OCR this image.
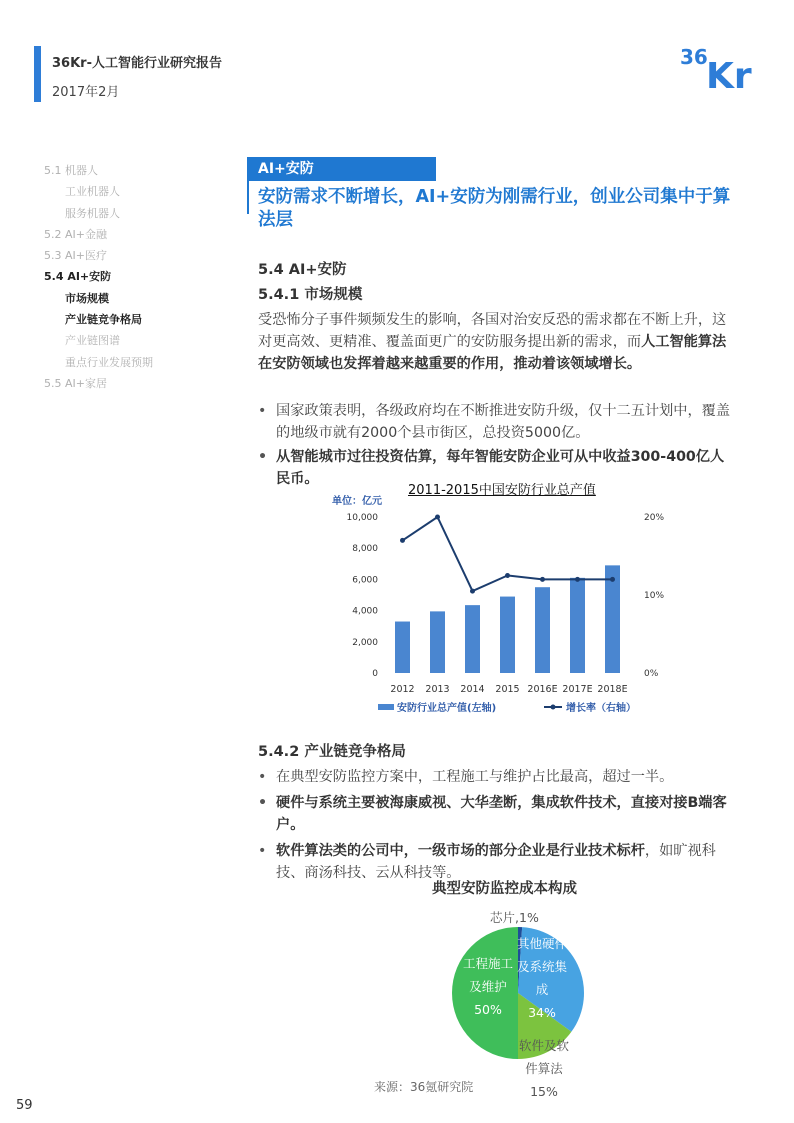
36Kr-人工智能行业研究报告
2017年2月
36
Kr
5.1 机器人
工业机器人
服务机器人
5.2 AI+金融
5.3 AI+医疗
5.4 AI+安防
市场规模
产业链竞争格局
产业链图谱
重点行业发展预期
5.5 AI+家居
AI+安防
安防需求不断增长，AI+安防为刚需行业，创业公司集中于算法层
5.4 AI+安防
5.4.1 市场规模
受恐怖分子事件频频发生的影响，各国对治安反恐的需求都在不断上升，这对更高效、更精准、覆盖面更广的安防服务提出新的需求，而人工智能算法在安防领域也发挥着越来越重要的作用，推动着该领域增长。
• 国家政策表明，各级政府均在不断推进安防升级，仅十二五计划中，覆盖的地级市就有2000个县市街区，总投资5000亿。
• 从智能城市过往投资估算，每年智能安防企业可从中收益300-400亿人民币。
2011-2015中国安防行业总产值
单位：亿元
0
2,000
4,000
6,000
8,000
10,000
0%
10%
20%
2012 2013 2014 2015 2016E 2017E 2018E
安防行业总产值(左轴)	增长率（右轴）
5.4.2 产业链竞争格局
• 在典型安防监控方案中，工程施工与维护占比最高，超过一半。
• 硬件与系统主要被海康威视、大华垄断，集成软件技术，直接对接B端客户。
• 软件算法类的公司中，一级市场的部分企业是行业技术标杆，如旷视科技、商汤科技、云从科技等。
典型安防监控成本构成
芯片,1%
其他硬件及系统集成 34%
软件及软件算法 15%
工程施工及维护 50%
来源：36氪研究院
59
